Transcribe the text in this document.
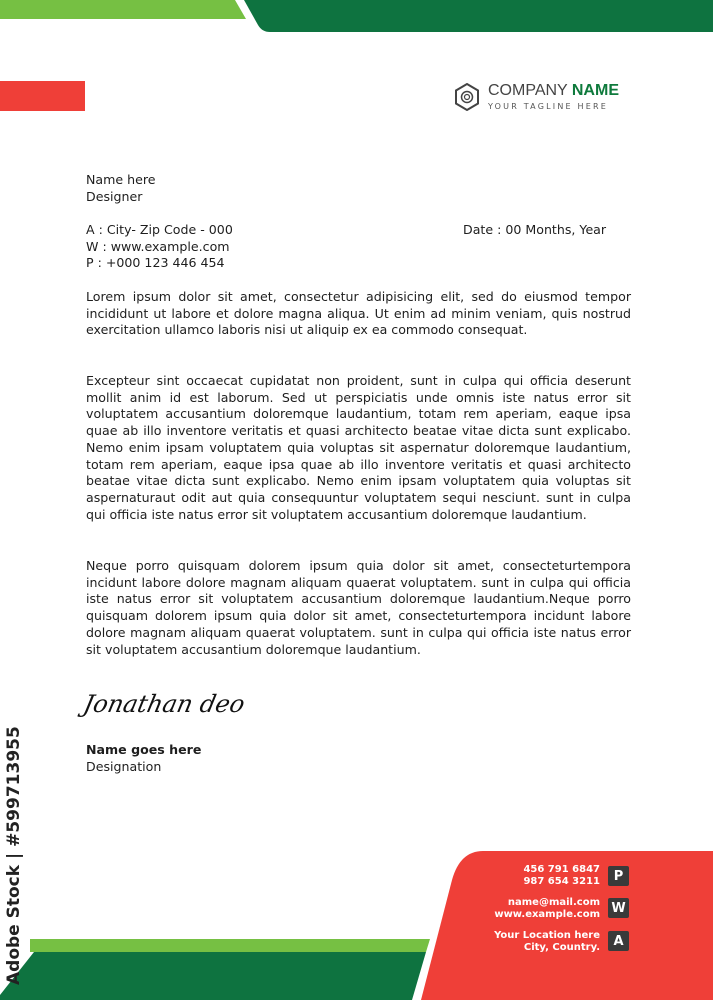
COMPANY NAME
YOUR TAGLINE HERE
Name here
Designer
A : City- Zip Code - 000
W : www.example.com
P : +000 123 446 454
Date : 00 Months, Year
Lorem ipsum dolor sit amet, consectetur adipisicing elit, sed do eiusmod tempor incididunt ut labore et dolore magna aliqua. Ut enim ad minim veniam, quis nostrud exercitation ullamco laboris nisi ut aliquip ex ea commodo consequat.
Excepteur sint occaecat cupidatat non proident, sunt in culpa qui officia deserunt mollit anim id est laborum. Sed ut perspiciatis unde omnis iste natus error sit voluptatem accusantium doloremque laudantium, totam rem aperiam, eaque ipsa quae ab illo inventore veritatis et quasi architecto beatae vitae dicta sunt explicabo. Nemo enim ipsam voluptatem quia voluptas sit aspernatur doloremque laudantium, totam rem aperiam, eaque ipsa quae ab illo inventore veritatis et quasi architecto beatae vitae dicta sunt explicabo. Nemo enim ipsam voluptatem quia voluptas sit aspernaturaut odit aut quia consequuntur voluptatem sequi nesciunt. sunt in culpa qui officia iste natus error sit voluptatem accusantium doloremque laudantium.
Neque porro quisquam dolorem ipsum quia dolor sit amet, consecteturtempora incidunt labore dolore magnam aliquam quaerat voluptatem. sunt in culpa qui officia iste natus error sit voluptatem accusantium doloremque laudantium.Neque porro quisquam dolorem ipsum quia dolor sit amet, consecteturtempora incidunt labore dolore magnam aliquam quaerat voluptatem. sunt in culpa qui officia iste natus error sit voluptatem accusantium doloremque laudantium.
Jonathan deo
Name goes here
Designation
456 791 6847
987 654 3211	P
name@mail.com
www.example.com W
Your Location here
City, Country.	A
Adobe Stock | #599713955
